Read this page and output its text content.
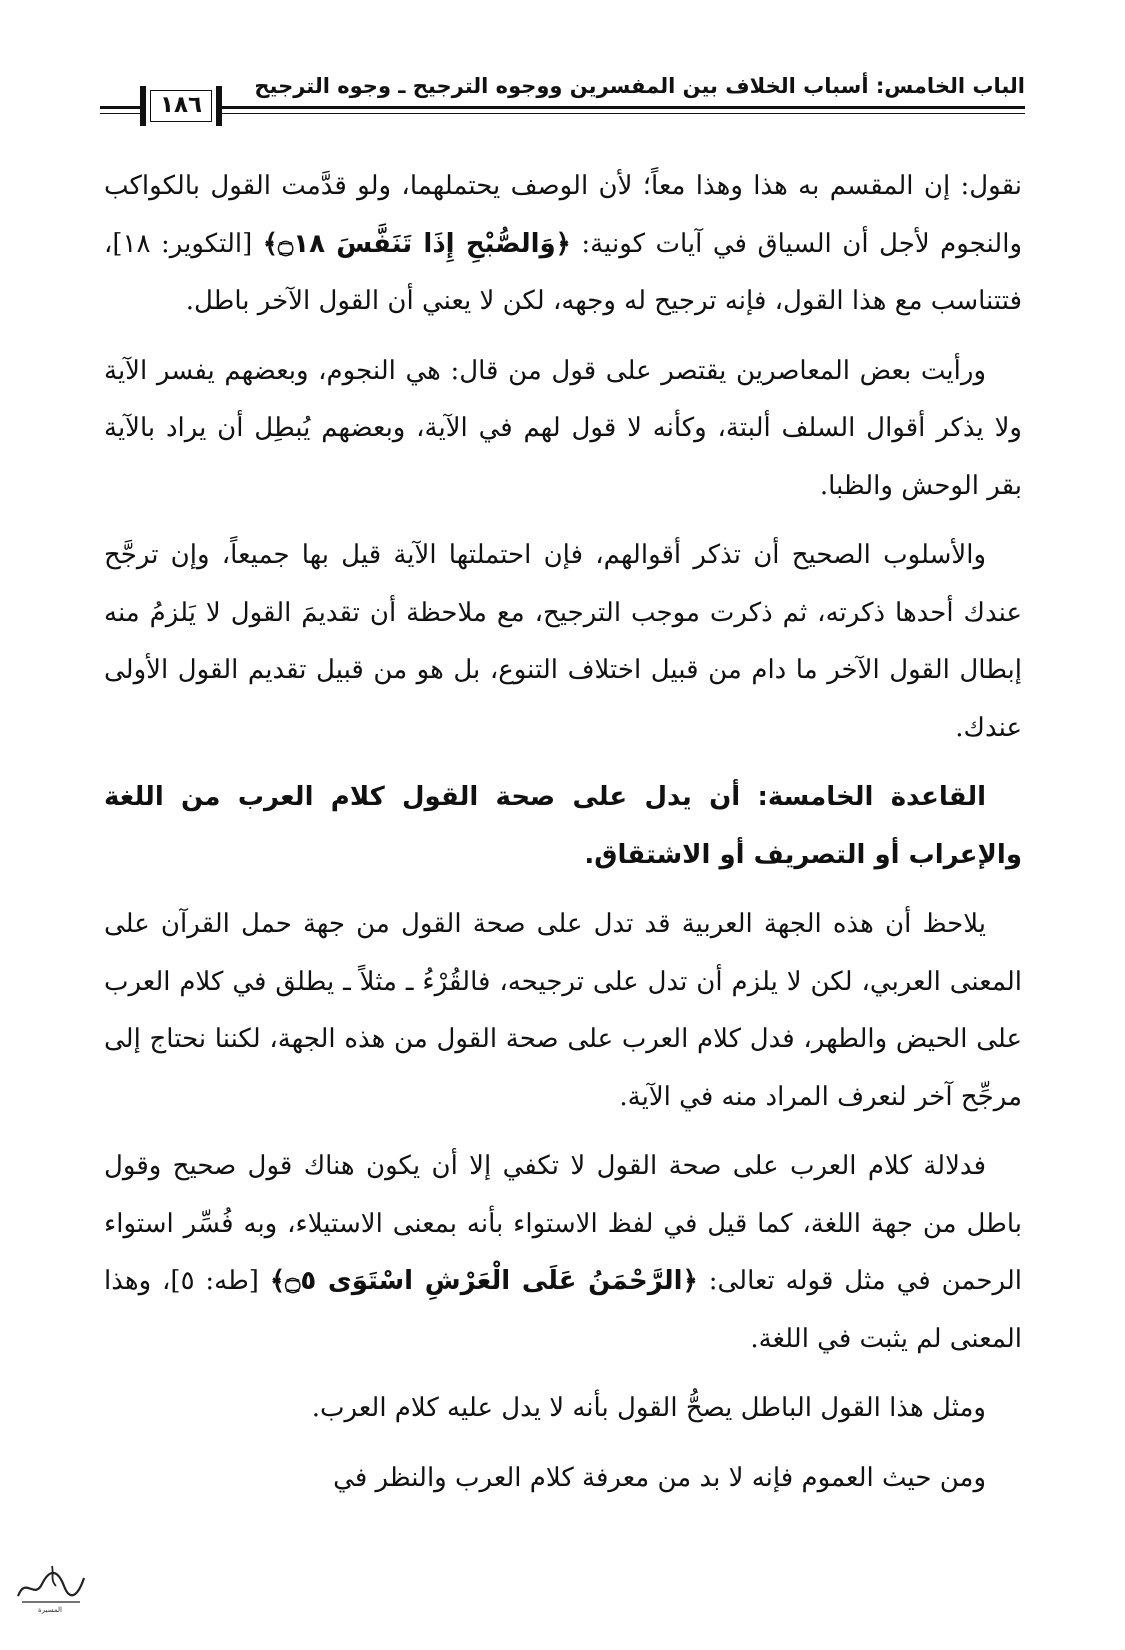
الباب الخامس: أسباب الخلاف بين المفسرين ووجوه الترجيح ـ وجوه الترجيح
١٨٦

نقول: إن المقسم به هذا وهذا معاً؛ لأن الوصف يحتملهما، ولو قدَّمت القول بالكواكب والنجوم لأجل أن السياق في آيات كونية: ﴿وَالصُّبْحِ إِذَا تَنَفَّسَ ۝١٨﴾ [التكوير: ١٨]، فتتناسب مع هذا القول، فإنه ترجيح له وجهه، لكن لا يعني أن القول الآخر باطل.

ورأيت بعض المعاصرين يقتصر على قول من قال: هي النجوم، وبعضهم يفسر الآية ولا يذكر أقوال السلف ألبتة، وكأنه لا قول لهم في الآية، وبعضهم يُبطِل أن يراد بالآية بقر الوحش والظبا.

والأسلوب الصحيح أن تذكر أقوالهم، فإن احتملتها الآية قيل بها جميعاً، وإن ترجَّح عندك أحدها ذكرته، ثم ذكرت موجب الترجيح، مع ملاحظة أن تقديمَ القول لا يَلزمُ منه إبطال القول الآخر ما دام من قبيل اختلاف التنوع، بل هو من قبيل تقديم القول الأولى عندك.

القاعدة الخامسة: أن يدل على صحة القول كلام العرب من اللغة والإعراب أو التصريف أو الاشتقاق.

يلاحظ أن هذه الجهة العربية قد تدل على صحة القول من جهة حمل القرآن على المعنى العربي، لكن لا يلزم أن تدل على ترجيحه، فالقُرْءُ ـ مثلاً ـ يطلق في كلام العرب على الحيض والطهر، فدل كلام العرب على صحة القول من هذه الجهة، لكننا نحتاج إلى مرجِّح آخر لنعرف المراد منه في الآية.

فدلالة كلام العرب على صحة القول لا تكفي إلا أن يكون هناك قول صحيح وقول باطل من جهة اللغة، كما قيل في لفظ الاستواء بأنه بمعنى الاستيلاء، وبه فُسِّر استواء الرحمن في مثل قوله تعالى: ﴿الرَّحْمَنُ عَلَى الْعَرْشِ اسْتَوَى ۝٥﴾ [طه: ٥]، وهذا المعنى لم يثبت في اللغة.

ومثل هذا القول الباطل يصحُّ القول بأنه لا يدل عليه كلام العرب.

ومن حيث العموم فإنه لا بد من معرفة كلام العرب والنظر في

المسيرة
